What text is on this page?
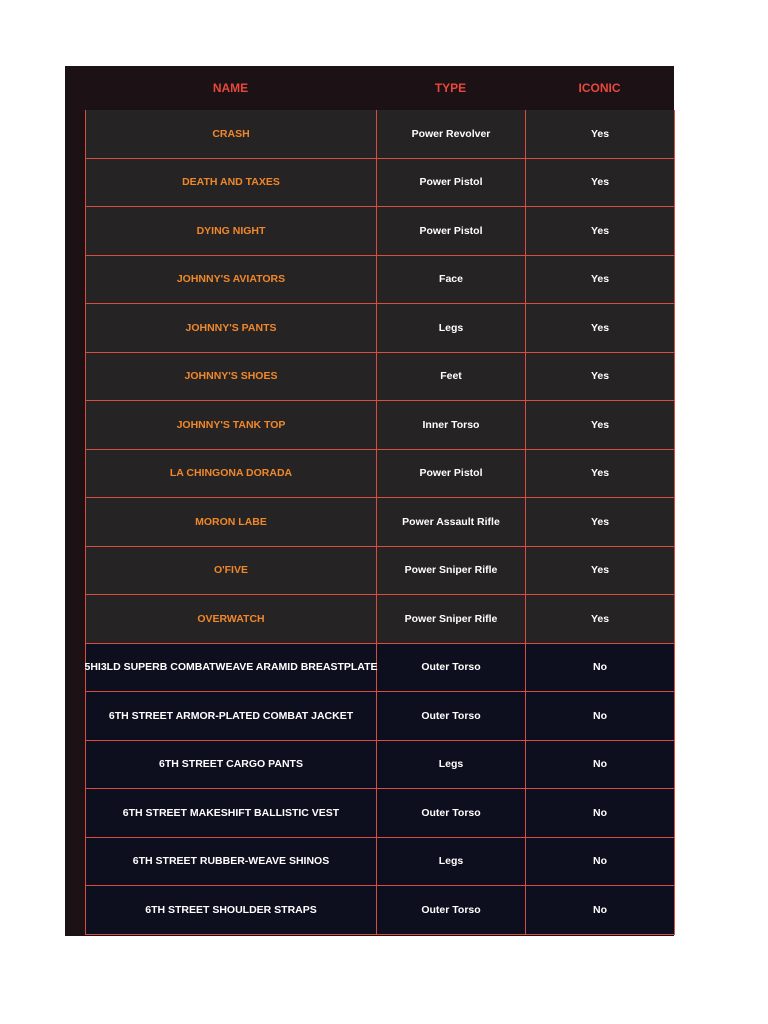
NAME	TYPE	ICONIC
CRASH	Power Revolver	Yes
DEATH AND TAXES	Power Pistol	Yes
DYING NIGHT	Power Pistol	Yes
JOHNNY'S AVIATORS	Face	Yes
JOHNNY'S PANTS	Legs	Yes
JOHNNY'S SHOES	Feet	Yes
JOHNNY'S TANK TOP	Inner Torso	Yes
LA CHINGONA DORADA	Power Pistol	Yes
MORON LABE	Power Assault Rifle	Yes
O'FIVE	Power Sniper Rifle	Yes
OVERWATCH	Power Sniper Rifle	Yes
5HI3LD SUPERB COMBATWEAVE ARAMID BREASTPLATE	Outer Torso	No
6TH STREET ARMOR-PLATED COMBAT JACKET	Outer Torso	No
6TH STREET CARGO PANTS	Legs	No
6TH STREET MAKESHIFT BALLISTIC VEST	Outer Torso	No
6TH STREET RUBBER-WEAVE SHINOS	Legs	No
6TH STREET SHOULDER STRAPS	Outer Torso	No
